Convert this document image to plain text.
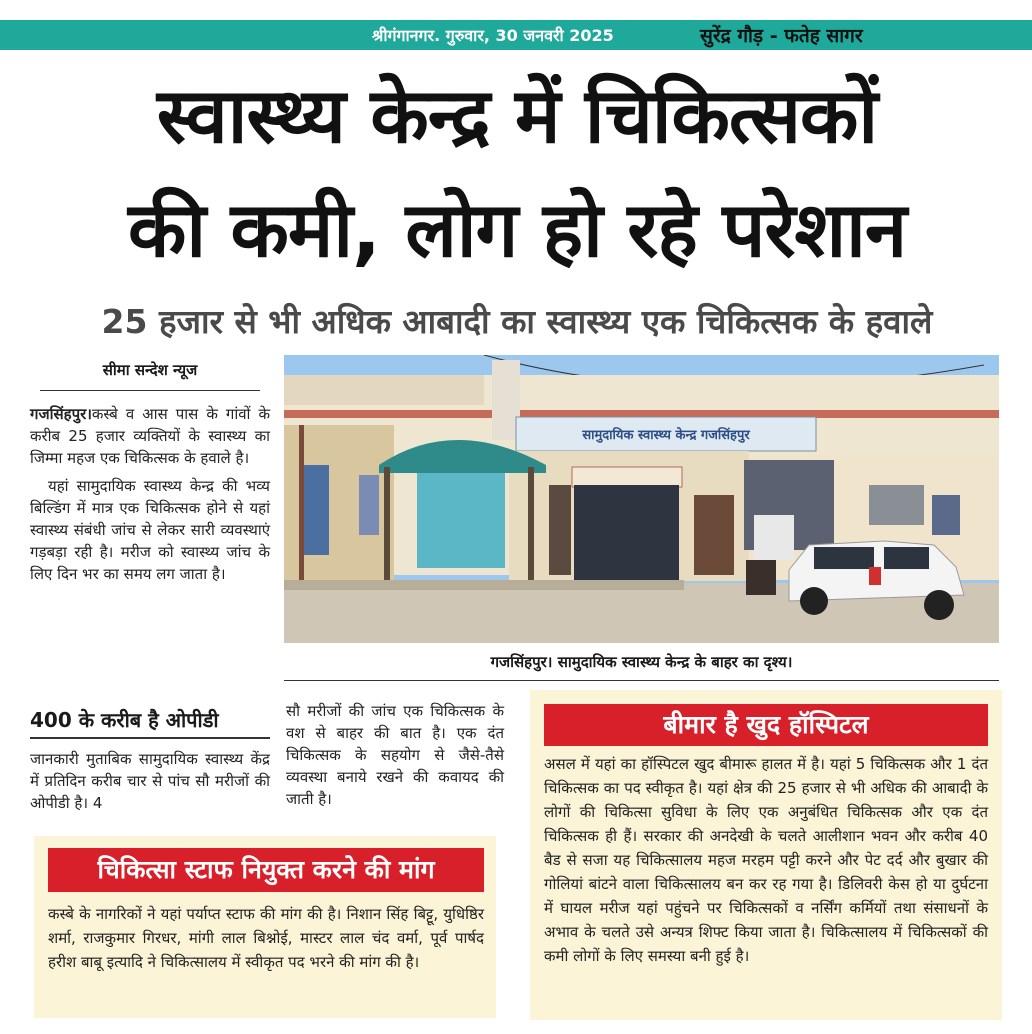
श्रीगंगानगर. गुरुवार, 30 जनवरी 2025	सुरेंद्र गौड़ - फतेह सागर
स्वास्थ्य केन्द्र में चिकित्सकों
की कमी, लोग हो रहे परेशान
25 हजार से भी अधिक आबादी का स्वास्थ्य एक चिकित्सक के हवाले
सीमा सन्देश न्यूज

गजसिंहपुर।कस्बे व आस पास के गांवों के करीब 25 हजार व्यक्तियों के स्वास्थ्य का जिम्मा महज एक चिकित्सक के हवाले है।

यहां सामुदायिक स्वास्थ्य केन्द्र की भव्य बिल्डिंग में मात्र एक चिकित्सक होने से यहां स्वास्थ्य संबंधी जांच से लेकर सारी व्यवस्थाएं गड़बड़ा रही है। मरीज को स्वास्थ्य जांच के लिए दिन भर का समय लग जाता है।

400 के करीब है ओपीडी

जानकारी मुताबिक सामुदायिक स्वास्थ्य केंद्र में प्रतिदिन करीब चार से पांच सौ मरीजों की ओपीडी है। 4

सामुदायिक स्वास्थ्य केन्द्र गजसिंहपुर
गजसिंहपुर। सामुदायिक स्वास्थ्य केन्द्र के बाहर का दृश्य।

सौ मरीजों की जांच एक चिकित्सक के वश से बाहर की बात है। एक दंत चिकित्सक के सहयोग से जैसे-तैसे व्यवस्था बनाये रखने की कवायद की जाती है।

बीमार है खुद हॉस्पिटल

असल में यहां का हॉस्पिटल खुद बीमारू हालत में है। यहां 5 चिकित्सक और 1 दंत चिकित्सक का पद स्वीकृत है। यहां क्षेत्र की 25 हजार से भी अधिक की आबादी के लोगों की चिकित्सा सुविधा के लिए एक अनुबंधित चिकित्सक और एक दंत चिकित्सक ही हैं। सरकार की अनदेखी के चलते आलीशान भवन और करीब 40 बैड से सजा यह चिकित्सालय महज मरहम पट्टी करने और पेट दर्द और बुखार की गोलियां बांटने वाला चिकित्सालय बन कर रह गया है। डिलिवरी केस हो या दुर्घटना में घायल मरीज यहां पहुंचने पर चिकित्सकों व नर्सिंग कर्मियों तथा संसाधनों के अभाव के चलते उसे अन्यत्र शिफ्ट किया जाता है। चिकित्सालय में चिकित्सकों की कमी लोगों के लिए समस्या बनी हुई है।

चिकित्सा स्टाफ नियुक्त करने की मांग

कस्बे के नागरिकों ने यहां पर्याप्त स्टाफ की मांग की है। निशान सिंह बिट्टू, युधिष्ठिर शर्मा, राजकुमार गिरधर, मांगी लाल बिश्नोई, मास्टर लाल चंद वर्मा, पूर्व पार्षद हरीश बाबू इत्यादि ने चिकित्सालय में स्वीकृत पद भरने की मांग की है।
